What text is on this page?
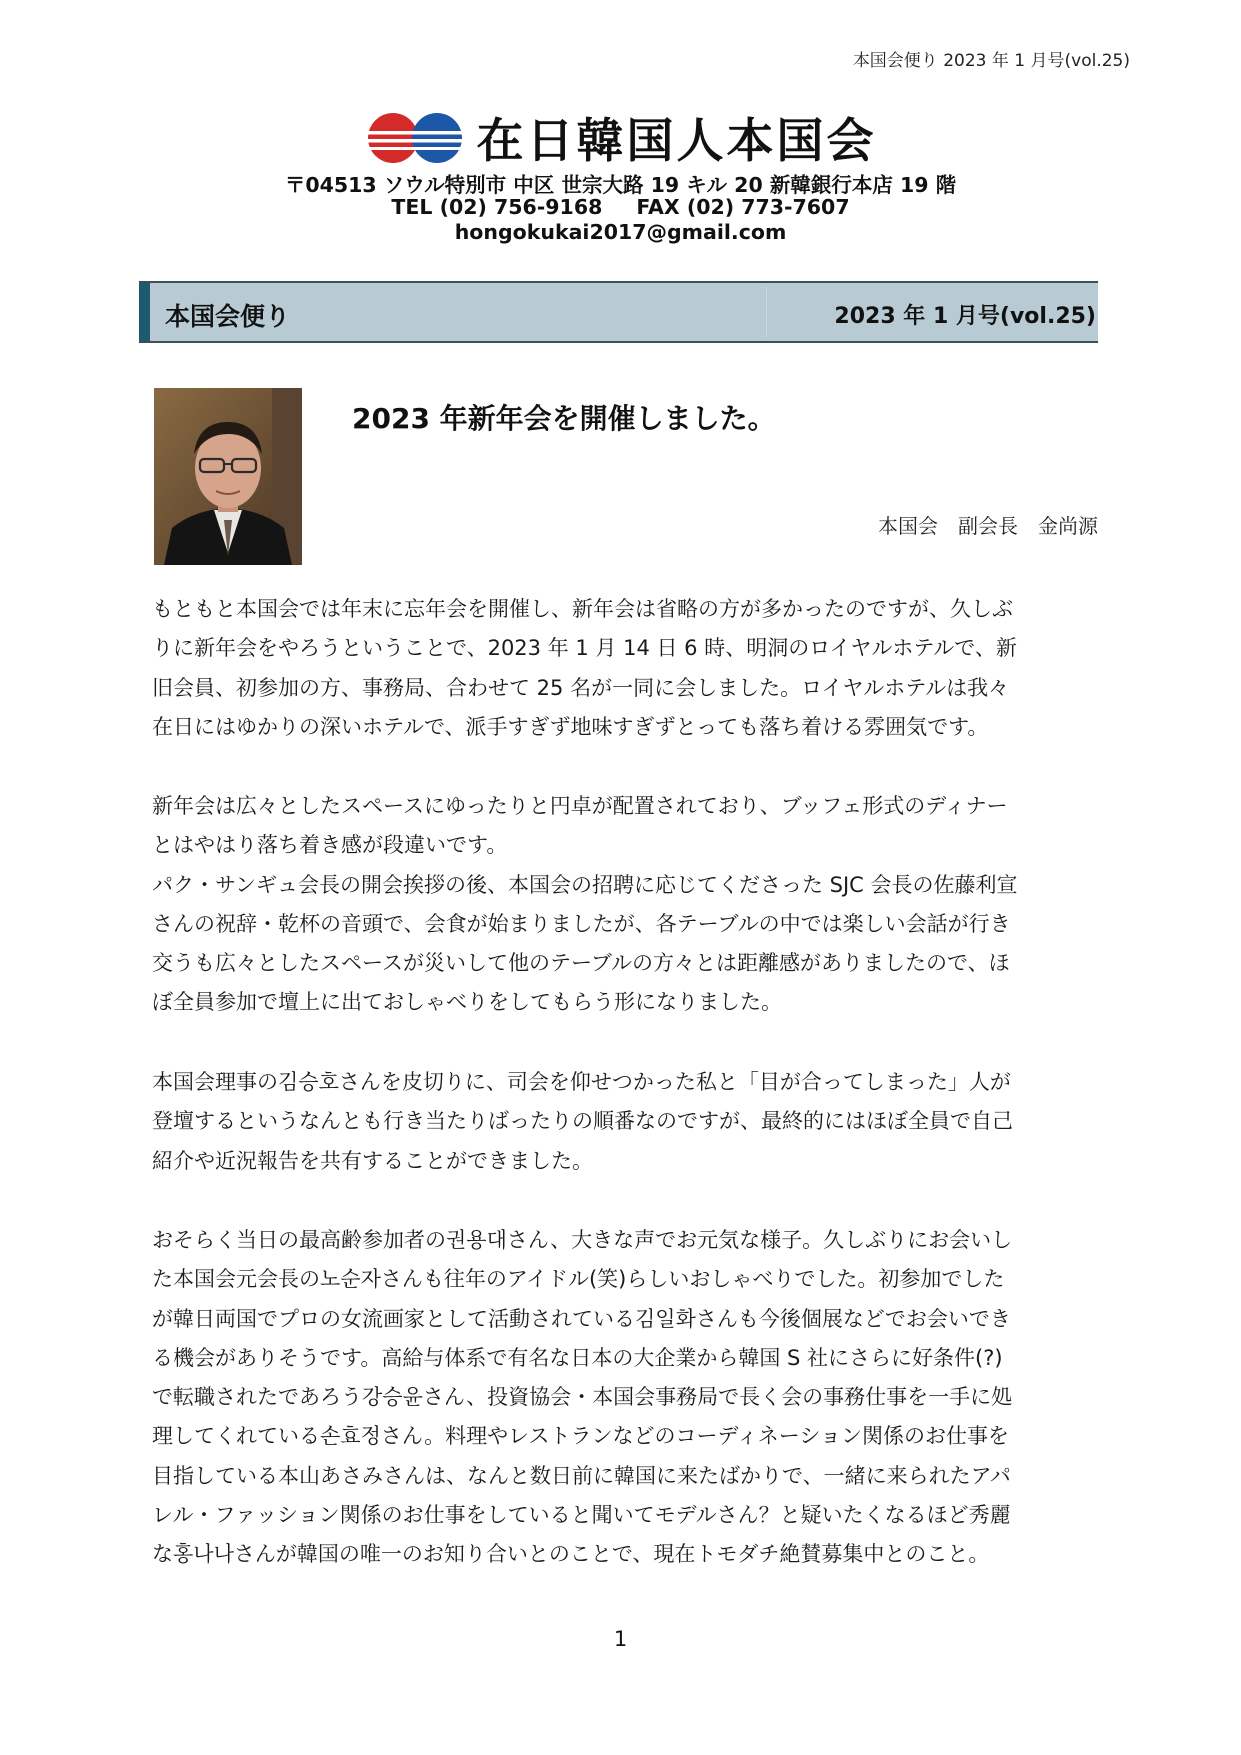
本国会便り 2023 年 1 月号(vol.25)
在日韓国人本国会
〒04513 ソウル特別市 中区 世宗大路 19 キル 20 新韓銀行本店 19 階
TEL (02) 756-9168 FAX (02) 773-7607
hongokukai2017@gmail.com
本国会便り	2023 年 1 月号(vol.25)
2023 年新年会を開催しました。
本国会　副会長　金尚源
もともと本国会では年末に忘年会を開催し、新年会は省略の方が多かったのですが、久しぶ
りに新年会をやろうということで、2023 年 1 月 14 日 6 時、明洞のロイヤルホテルで、新
旧会員、初参加の方、事務局、合わせて 25 名が一同に会しました。ロイヤルホテルは我々
在日にはゆかりの深いホテルで、派手すぎず地味すぎずとっても落ち着ける雰囲気です。
新年会は広々としたスペースにゆったりと円卓が配置されており、ブッフェ形式のディナー
とはやはり落ち着き感が段違いです。
パク・サンギュ会長の開会挨拶の後、本国会の招聘に応じてくださった SJC 会長の佐藤利宣
さんの祝辞・乾杯の音頭で、会食が始まりましたが、各テーブルの中では楽しい会話が行き
交うも広々としたスペースが災いして他のテーブルの方々とは距離感がありましたので、ほ
ぼ全員参加で壇上に出ておしゃべりをしてもらう形になりました。
本国会理事の김승호さんを皮切りに、司会を仰せつかった私と「目が合ってしまった」人が
登壇するというなんとも行き当たりばったりの順番なのですが、最終的にはほぼ全員で自己
紹介や近況報告を共有することができました。
おそらく当日の最高齢参加者の권용대さん、大きな声でお元気な様子。久しぶりにお会いし
た本国会元会長の노순자さんも往年のアイドル(笑)らしいおしゃべりでした。初参加でした
が韓日両国でプロの女流画家として活動されている김일화さんも今後個展などでお会いでき
る機会がありそうです。高給与体系で有名な日本の大企業から韓国 S 社にさらに好条件(?)
で転職されたであろう강승윤さん、投資協会・本国会事務局で長く会の事務仕事を一手に処
理してくれている손효정さん。料理やレストランなどのコーディネーション関係のお仕事を
目指している本山あさみさんは、なんと数日前に韓国に来たばかりで、一緒に来られたアパ
レル・ファッション関係のお仕事をしていると聞いてモデルさん？と疑いたくなるほど秀麗
な홍나나さんが韓国の唯一のお知り合いとのことで、現在トモダチ絶賛募集中とのこと。
1
